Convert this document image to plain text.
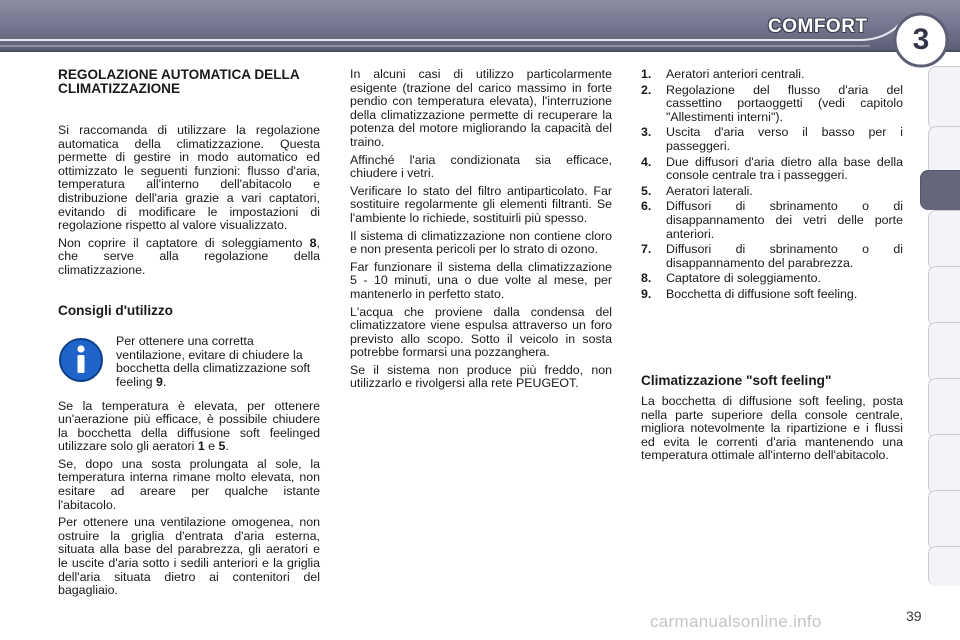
COMFORT	3
REGOLAZIONE AUTOMATICA DELLA CLIMATIZZAZIONE

Si raccomanda di utilizzare la regolazione automatica della climatizzazione. Questa permette di gestire in modo automatico ed ottimizzato le seguenti funzioni: flusso d'aria, temperatura all'interno dell'abitacolo e distribuzione dell'aria grazie a vari captatori, evitando di modificare le impostazioni di regolazione rispetto al valore visualizzato.

Non coprire il captatore di soleggiamento 8, che serve alla regolazione della climatizzazione.

Consigli d'utilizzo

Per ottenere una corretta ventilazione, evitare di chiudere la bocchetta della climatizzazione soft feeling 9.

Se la temperatura è elevata, per ottenere un'aerazione più efficace, è possibile chiudere la bocchetta della diffusione soft feelinged utilizzare solo gli aeratori 1 e 5.

Se, dopo una sosta prolungata al sole, la temperatura interna rimane molto elevata, non esitare ad areare per qualche istante l'abitacolo.

Per ottenere una ventilazione omogenea, non ostruire la griglia d'entrata d'aria esterna, situata alla base del parabrezza, gli aeratori e le uscite d'aria sotto i sedili anteriori e la griglia dell'aria situata dietro ai contenitori del bagagliaio.

In alcuni casi di utilizzo particolarmente esigente (trazione del carico massimo in forte pendio con temperatura elevata), l'interruzione della climatizzazione permette di recuperare la potenza del motore migliorando la capacità del traino.

Affinché l'aria condizionata sia efficace, chiudere i vetri.

Verificare lo stato del filtro antiparticolato. Far sostituire regolarmente gli elementi filtranti. Se l'ambiente lo richiede, sostituirli più spesso.

Il sistema di climatizzazione non contiene cloro e non presenta pericoli per lo strato di ozono.

Far funzionare il sistema della climatizzazione 5 - 10 minuti, una o due volte al mese, per mantenerlo in perfetto stato.

L'acqua che proviene dalla condensa del climatizzatore viene espulsa attraverso un foro previsto allo scopo. Sotto il veicolo in sosta potrebbe formarsi una pozzanghera.

Se il sistema non produce più freddo, non utilizzarlo e rivolgersi alla rete PEUGEOT.

1.	Aeratori anteriori centrali.
2.	Regolazione del flusso d'aria del cassettino portaoggetti (vedi capitolo "Allestimenti interni").
3.	Uscita d'aria verso il basso per i passeggeri.
4.	Due diffusori d'aria dietro alla base della console centrale tra i passeggeri.
5.	Aeratori laterali.
6.	Diffusori di sbrinamento o di disappannamento dei vetri delle porte anteriori.
7.	Diffusori di sbrinamento o di disappannamento del parabrezza.
8.	Captatore di soleggiamento.
9.	Bocchetta di diffusione soft feeling.
Climatizzazione "soft feeling"

La bocchetta di diffusione soft feeling, posta nella parte superiore della console centrale, migliora notevolmente la ripartizione e i flussi ed evita le correnti d'aria mantenendo una temperatura ottimale all'interno dell'abitacolo.

carmanualsonline.info	39
